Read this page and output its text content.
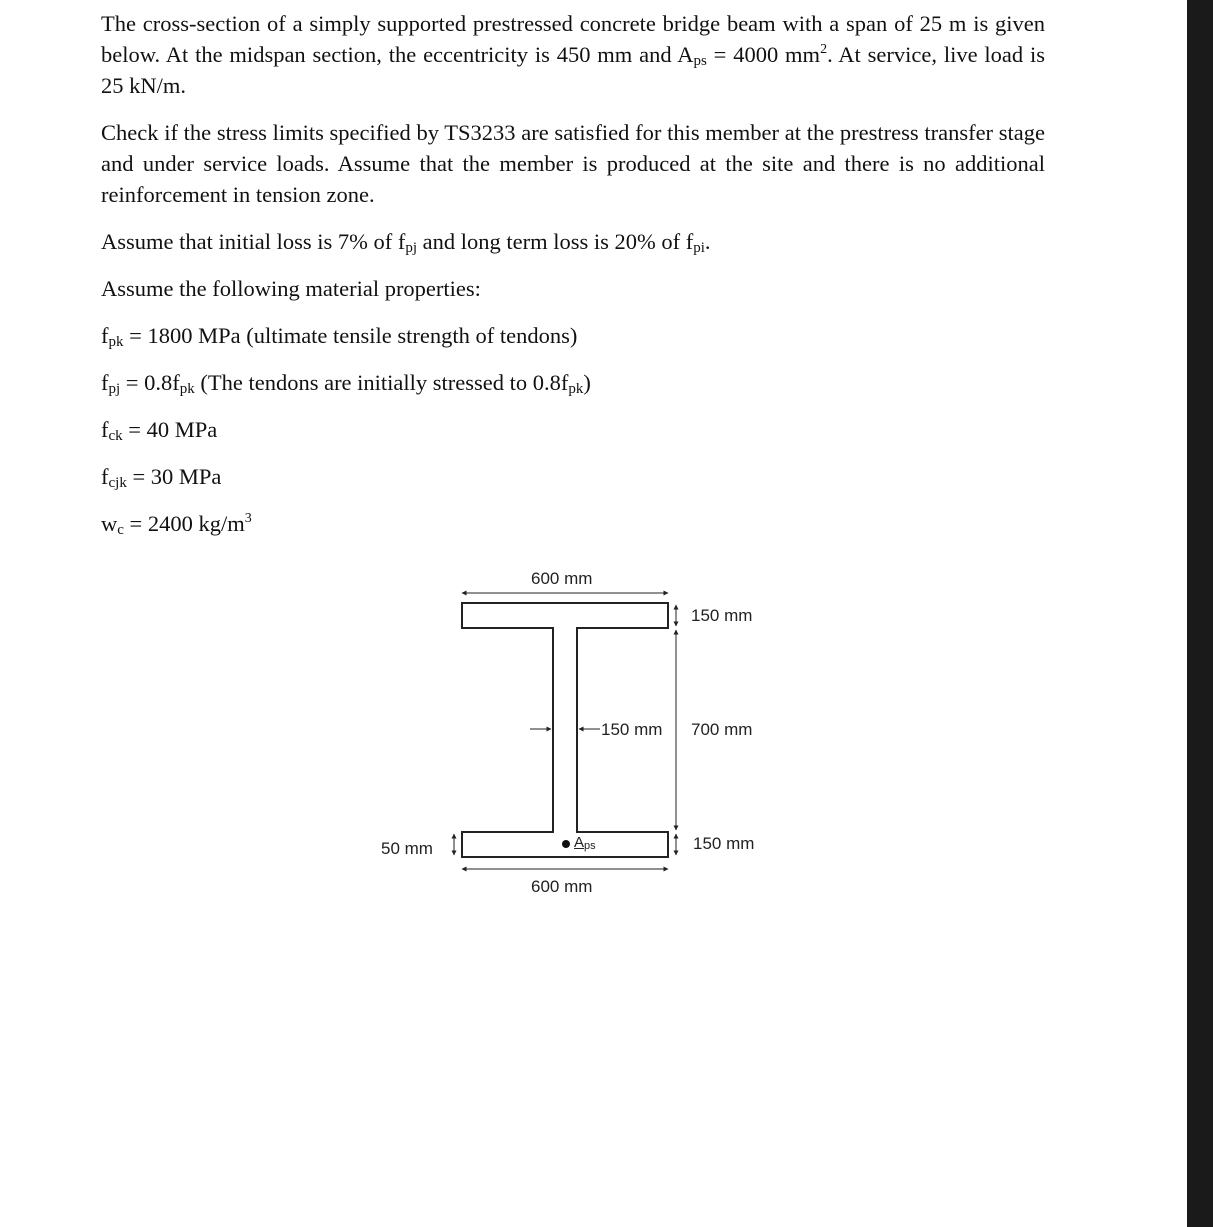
The cross-section of a simply supported prestressed concrete bridge beam with a span of 25 m is given below. At the midspan section, the eccentricity is 450 mm and $A_{ps} = 4000$ $mm^2$. At service, live load is 25 kN/m.

Check if the stress limits specified by TS3233 are satisfied for this member at the prestress transfer stage and under service loads. Assume that the member is produced at the site and there is no additional reinforcement in tension zone.

Assume that initial loss is 7% of $f_{pj}$ and long term loss is 20% of $f_{pi}$.

Assume the following material properties:

$f_{pk} = 1800$ MPa (ultimate tensile strength of tendons)

$f_{pj} = 0.8f_{pk}$ (The tendons are initially stressed to $0.8f_{pk}$)

$f_{ck} = 40$ MPa

$f_{cjk} = 30$ MPa

$w_c = 2400$ $kg/m^3$

600 mm
150 mm
150 mm 700 mm
150 mm
50 mm
600 mm
$A_{ps}$
